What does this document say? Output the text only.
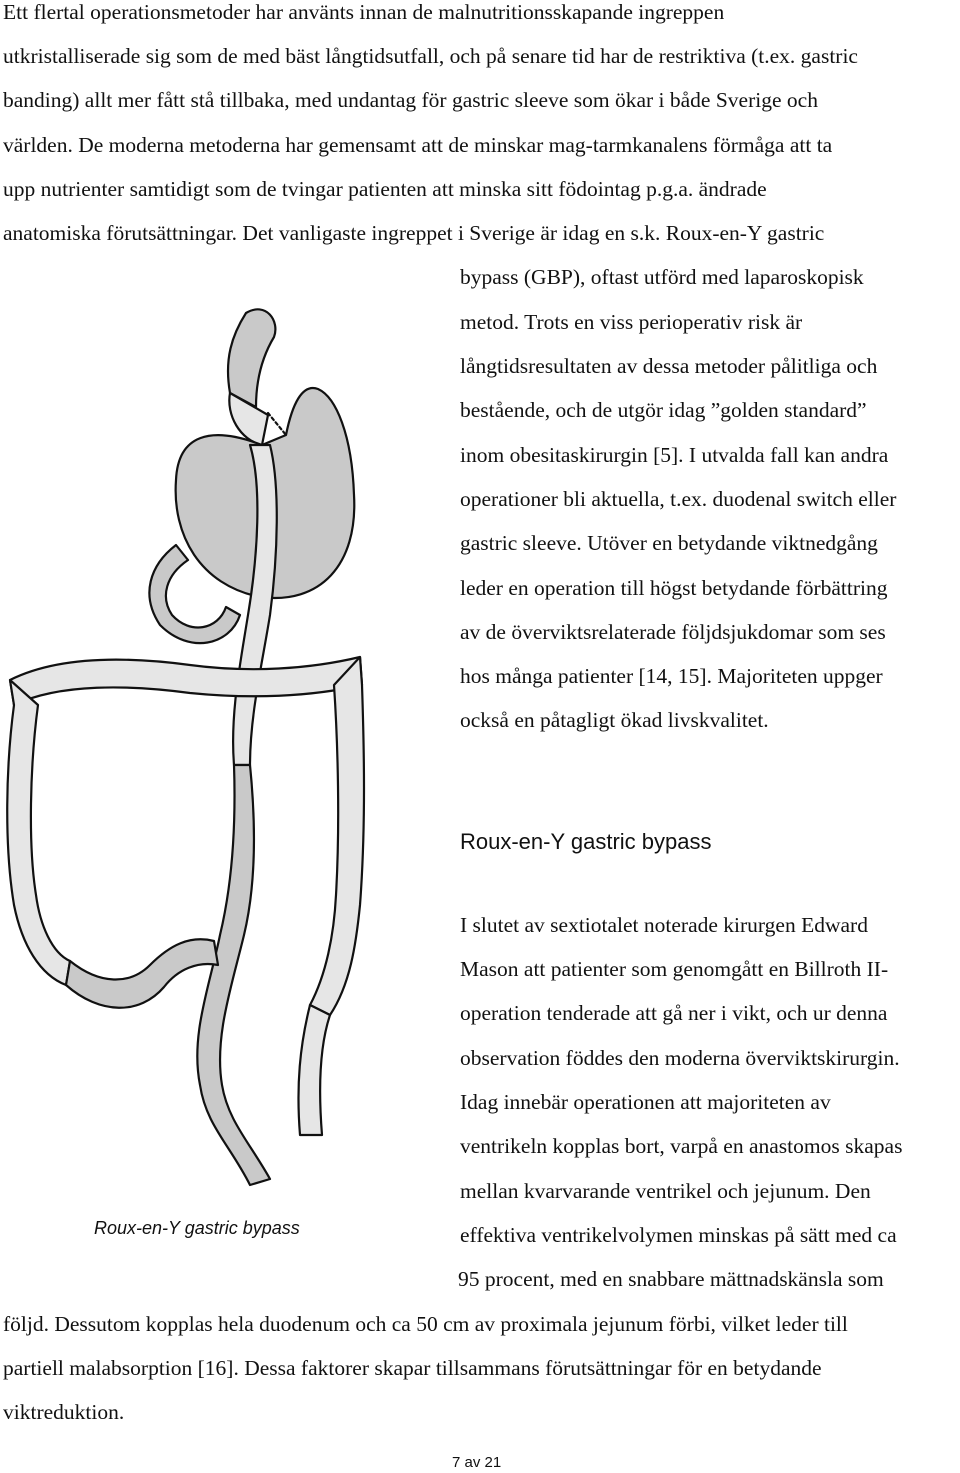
Ett flertal operationsmetoder har använts innan de malnutritionsskapande ingreppen
utkristalliserade sig som de med bäst långtidsutfall, och på senare tid har de restriktiva (t.ex. gastric
banding) allt mer fått stå tillbaka, med undantag för gastric sleeve som ökar i både Sverige och
världen. De moderna metoderna har gemensamt att de minskar mag-tarmkanalens förmåga att ta
upp nutrienter samtidigt som de tvingar patienten att minska sitt födointag p.g.a. ändrade
anatomiska förutsättningar. Det vanligaste ingreppet i Sverige är idag en s.k. Roux-en-Y gastric
bypass (GBP), oftast utförd med laparoskopisk
metod. Trots en viss perioperativ risk är
långtidsresultaten av dessa metoder pålitliga och
bestående, och de utgör idag ”golden standard”
inom obesitaskirurgin [5]. I utvalda fall kan andra
operationer bli aktuella, t.ex. duodenal switch eller
gastric sleeve. Utöver en betydande viktnedgång
leder en operation till högst betydande förbättring
av de överviktsrelaterade följdsjukdomar som ses
hos många patienter [14, 15]. Majoriteten uppger
också en påtagligt ökad livskvalitet.
Roux-en-Y gastric bypass
I slutet av sextiotalet noterade kirurgen Edward
Mason att patienter som genomgått en Billroth II-
operation tenderade att gå ner i vikt, och ur denna
observation föddes den moderna överviktskirurgin.
Idag innebär operationen att majoriteten av
ventrikeln kopplas bort, varpå en anastomos skapas
mellan kvarvarande ventrikel och jejunum. Den
effektiva ventrikelvolymen minskas på sätt med ca
95 procent, med en snabbare mättnadskänsla som
följd. Dessutom kopplas hela duodenum och ca 50 cm av proximala jejunum förbi, vilket leder till
partiell malabsorption [16]. Dessa faktorer skapar tillsammans förutsättningar för en betydande
viktreduktion.
Roux-en-Y gastric bypass
7 av 21
